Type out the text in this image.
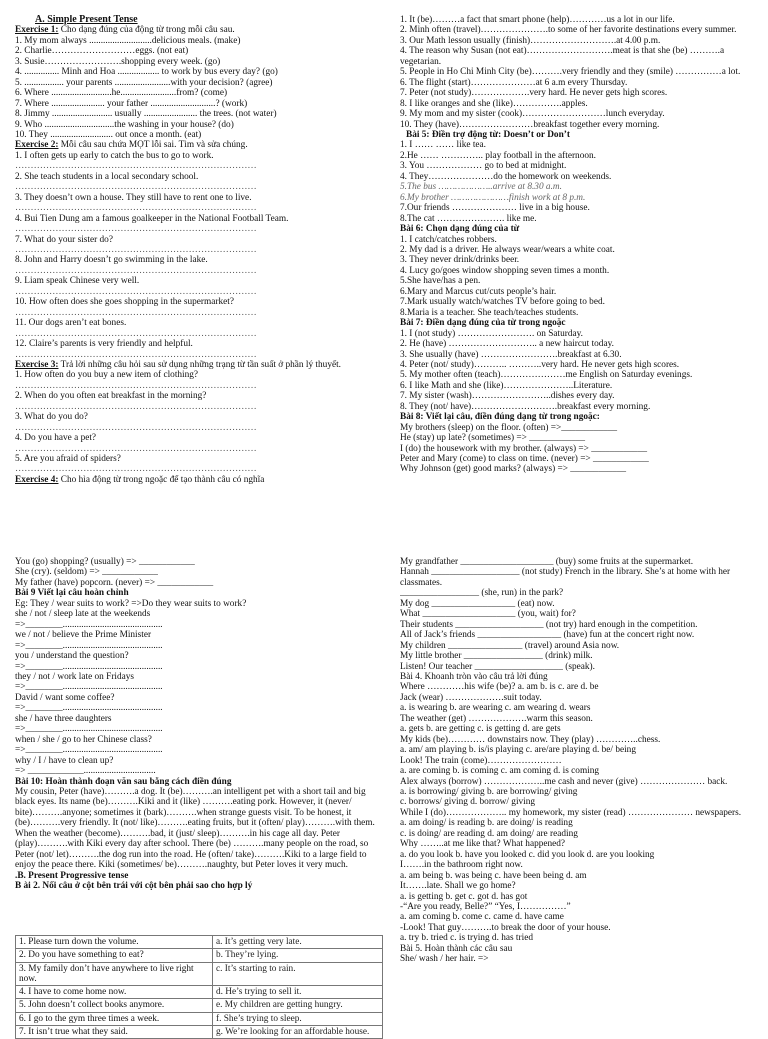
A. Simple Present Tense
Exercise 1: Cho dạng đúng của động từ trong mỗi câu sau.
1. My mom always ...........................delicious meals. (make)
2. Charlie………………………eggs. (not eat)
3. Susie…………………….shopping every week. (go)
4. ............... Minh and Hoa .................. to work by bus every day? (go)
5. ................. your parents ........................with your decision? (agree)
6. Where ..........................he........................from? (come)
7. Where ....................... your father ............................? (work)
8. Jimmy .......................... usually ....................... the trees. (not water)
9. Who ..............................the washing in your house? (do)
10. They ........................... out once a month. (eat)
Exercise 2: Mỗi câu sau chứa MỘT lỗi sai. Tìm và sửa chúng.
1. I often gets up early to catch the bus to go to work.
……………………………………………………………………
2. She teach students in a local secondary school.
……………………………………………………………………
3. They doesn’t own a house. They still have to rent one to live.
……………………………………………………………………
4. Bui Tien Dung am a famous goalkeeper in the National Football Team.
……………………………………………………………………
7. What do your sister do?
……………………………………………………………………
8. John and Harry doesn’t go swimming in the lake.
……………………………………………………………………
9. Liam speak Chinese very well.
……………………………………………………………………
10. How often does she goes shopping in the supermarket?
……………………………………………………………………
11. Our dogs aren’t eat bones.
……………………………………………………………………
12. Claire’s parents is very friendly and helpful.
……………………………………………………………………
Exercise 3: Trả lời những câu hỏi sau sử dụng những trạng từ tần suất ở phần lý thuyết.
1. How often do you buy a new item of clothing?
……………………………………………………………………
2. When do you often eat breakfast in the morning?
……………………………………………………………………
3. What do you do?
……………………………………………………………………
4. Do you have a pet?
……………………………………………………………………
5. Are you afraid of spiders?
……………………………………………………………………
Exercise 4: Cho hìa động từ trong ngoặc để tạo thành câu có nghĩa
1. It (be)………a fact that smart phone (help)…………us a lot in our life.
2. Minh often (travel)………………….to some of her favorite destinations every summer.
3. Our Math lesson usually (finish)……………………….at 4.00 p.m.
4. The reason why Susan (not eat)……………………….meat is that she (be) ……….a vegetarian.
5. People in Ho Chi Minh City (be)……….very friendly and they (smile) ……………a lot.
6. The flight (start)…………………at 6 a.m every Thursday.
7. Peter (not study)……………….very hard. He never gets high scores.
8. I like oranges and she (like)…………….apples.
9. My mom and my sister (cook)………………………lunch everyday.
10. They (have)……………………breakfast together every morning.
Bài 5: Điền trợ động từ: Doesn’t or Don’t
1. I …… …… like tea.
2.He …… ………….. play football in the afternoon.
3. You ……………… go to bed at midnight.
4. They…………………do the homework on weekends.
5.The bus ………………..arrive at 8.30 a.m.
6.My brother …………………finish work at 8 p.m.
7.Our friends ………………… live in a big house.
8.The cat …………………. like me.
Bài 6: Chọn dạng đúng của từ
1. I catch/catches robbers.
2. My dad is a driver. He always wear/wears a white coat.
3. They never drink/drinks beer.
4. Lucy go/goes window shopping seven times a month.
5.She have/has a pen.
6.Mary and Marcus cut/cuts people’s hair.
7.Mark usually watch/watches TV before going to bed.
8.Maria is a teacher. She teach/teaches students.
Bài 7: Điền dạng đúng của từ trong ngoặc
1. I (not study) ……………………. on Saturday.
2. He (have) ……………………….. a new haircut today.
3. She usually (have) …………………….breakfast at 6.30.
4. Peter (not/ study)……….. ………..very hard. He never gets high scores.
5. My mother often (teach)…………………me English on Saturday evenings.
6. I like Math and she (like)…………………..Literature.
7. My sister (wash)……………………..dishes every day.
8. They (not/ have)……………………….breakfast every morning.
Bài 8: Viết lại câu, điền đúng dạng từ trong ngoặc:
My brothers (sleep) on the floor. (often) =>____________
He (stay) up late? (sometimes) => ____________
I (do) the housework with my brother. (always) => ____________
Peter and Mary (come) to class on time. (never) => ____________
Why Johnson (get) good marks? (always) => ____________
You (go) shopping? (usually) => ____________
She (cry). (seldom) => ____________
My father (have) popcorn. (never) => ____________
Bài 9 Viết lại câu hoàn chỉnh
Eg: They / wear suits to work? =>Do they wear suits to work?
she / not / sleep late at the weekends
=>________...........................................
we / not / believe the Prime Minister
=>________...........................................
you / understand the question?
=>________...........................................
they / not / work late on Fridays
=>________...........................................
David / want some coffee?
=>________...........................................
she / have three daughters
=>________...........................................
when / she / go to her Chinese class?
=>________...........................................
why / I / have to clean up?
=> ____________...............................
Bài 10: Hoàn thành đoạn văn sau bằng cách điền đúng
My cousin, Peter (have)……….a dog. It (be)……….an intelligent pet with a short tail and big black eyes. Its name (be)……….Kiki and it (like) ……….eating pork. However, it (never/ bite)……….anyone; sometimes it (bark)……….when strange guests visit. To be honest, it (be)……….very friendly. It (not/ like)……….eating fruits, but it (often/ play)……….with them. When the weather (become)……….bad, it (just/ sleep)……….in his cage all day. Peter (play)……….with Kiki every day after school. There (be) ……….many people on the road, so Peter (not/ let)……….the dog run into the road. He (often/ take)……….Kiki to a large field to enjoy the peace there. Kiki (sometimes/ be)……….naughty, but Peter loves it very much.
.B. Present Progressive tense
B ài 2. Nối câu ở cột bên trái với cột bên phải sao cho hợp lý
My grandfather ____________________ (buy) some fruits at the supermarket.
Hannah ___________________ (not study) French in the library. She’s at home with her classmates.
_________________ (she, run) in the park?
My dog __________________ (eat) now.
What ____________________ (you, wait) for?
Their students ___________________ (not try) hard enough in the competition.
All of Jack’s friends __________________ (have) fun at the concert right now.
My children ________________ (travel) around Asia now.
My little brother _________________ (drink) milk.
Listen! Our teacher ___________________ (speak).
Bài 4. Khoanh tròn vào câu trả lời đúng
Where …………his wife (be)? a. am b. is c. are d. be
Jack (wear) ……………….suit today.
a. is wearing b. are wearing c. am wearing d. wears
The weather (get) ……………….warm this season.
a. gets b. are getting c. is getting d. are gets
My kids (be)………… downstairs now. They (play) …………..chess.
a. am/ am playing b. is/is playing c. are/are playing d. be/ being
Look! The train (come)……………………
a. are coming b. is coming c. am coming d. is coming
Alex always (borrow) ………………..me cash and never (give) ………………… back.
a. is borrowing/ giving b. are borrowing/ giving
c. borrows/ giving d. borrow/ giving
While I (do)……………….. my homework, my sister (read) ………………… newspapers.
a. am doing/ is reading b. are doing/ is reading
c. is doing/ are reading d. am doing/ are reading
Why ……..at me like that? What happened?
a. do you look b. have you looked c. did you look d. are you looking
I…….in the bathroom right now.
a. am being b. was being c. have been being d. am
It…….late. Shall we go home?
a. is getting b. get c. got d. has got
-“Are you ready, Belle?” “Yes, I……………”
a. am coming b. come c. came d. have came
-Look! That guy……….to break the door of your house.
a. try b. tried c. is trying d. has tried
Bài 5. Hoàn thành các câu sau
She/ wash / her hair. =>
1. Please turn down the volume.	a. It’s getting very late.
2. Do you have something to eat?	b. They’re lying.
3. My family don’t have anywhere to live right now.	c. It’s starting to rain.
4. I have to come home now.	d. He’s trying to sell it.
5. John doesn’t collect books anymore.	e. My children are getting hungry.
6. I go to the gym three times a week.	f. She’s trying to sleep.
7. It isn’t true what they said.	g. We’re looking for an affordable house.
